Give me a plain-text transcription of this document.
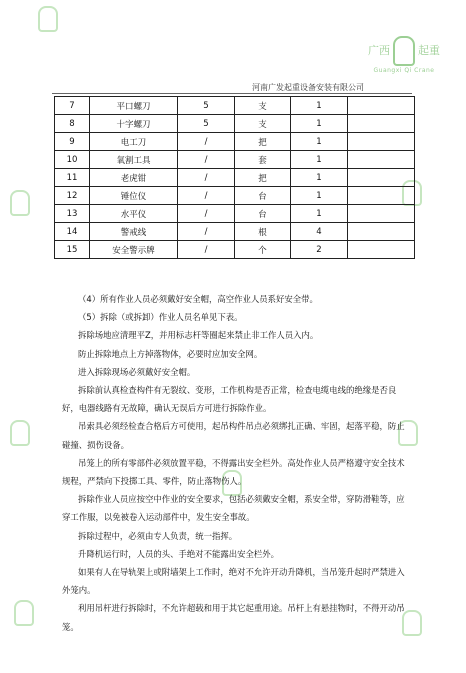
广西	起重
Guangxi Qi Crane
河南广发起重设备安装有限公司
7	平口螺刀	5	支	1	
8	十字螺刀	5	支	1	
9	电工刀	/	把	1	
10	氧割工具	/	套	1	
11	老虎钳	/	把	1	
12	锤位仪	/	台	1	
13	水平仪	/	台	1	
14	警戒线	/	根	4	
15	安全警示牌	/	个	2	

（4）所有作业人员必须戴好安全帽，高空作业人员系好安全带。

（5）拆除（或拆卸）作业人员名单见下表。

拆除场地应清理平Z，并用标志杆等圈起来禁止非工作人员入内。

防止拆除地点上方掉落物体，必要时应加安全网。

进入拆除现场必须戴好安全帽。

拆除前认真检查构件有无裂纹、变形，工作机构是否正常，检查电缆电线的绝缘是否良好，电器线路有无故障，确认无误后方可进行拆除作业。

吊索具必须经检查合格后方可使用，起吊构件吊点必须绑扎正确、牢固，起落平稳，防止碰撞、损伤设备。

吊笼上的所有零部件必须放置平稳，不得露出安全栏外。高处作业人员严格遵守安全技术规程，严禁向下投掷工具、零件，防止落物伤人。

拆除作业人员应按空中作业的安全要求，包括必须戴安全帽，系安全带，穿防滑鞋等，应穿工作服，以免被卷入运动部件中，发生安全事故。

拆除过程中，必须由专人负责，统一指挥。

升降机运行时，人员的头、手绝对不能露出安全栏外。

如果有人在导轨架上或附墙架上工作时，绝对不允许开动升降机，当吊笼升起时严禁进入外笼内。

利用吊杆进行拆除时，不允许超载和用于其它起重用途。吊杆上有悬挂物时，不得开动吊笼。
